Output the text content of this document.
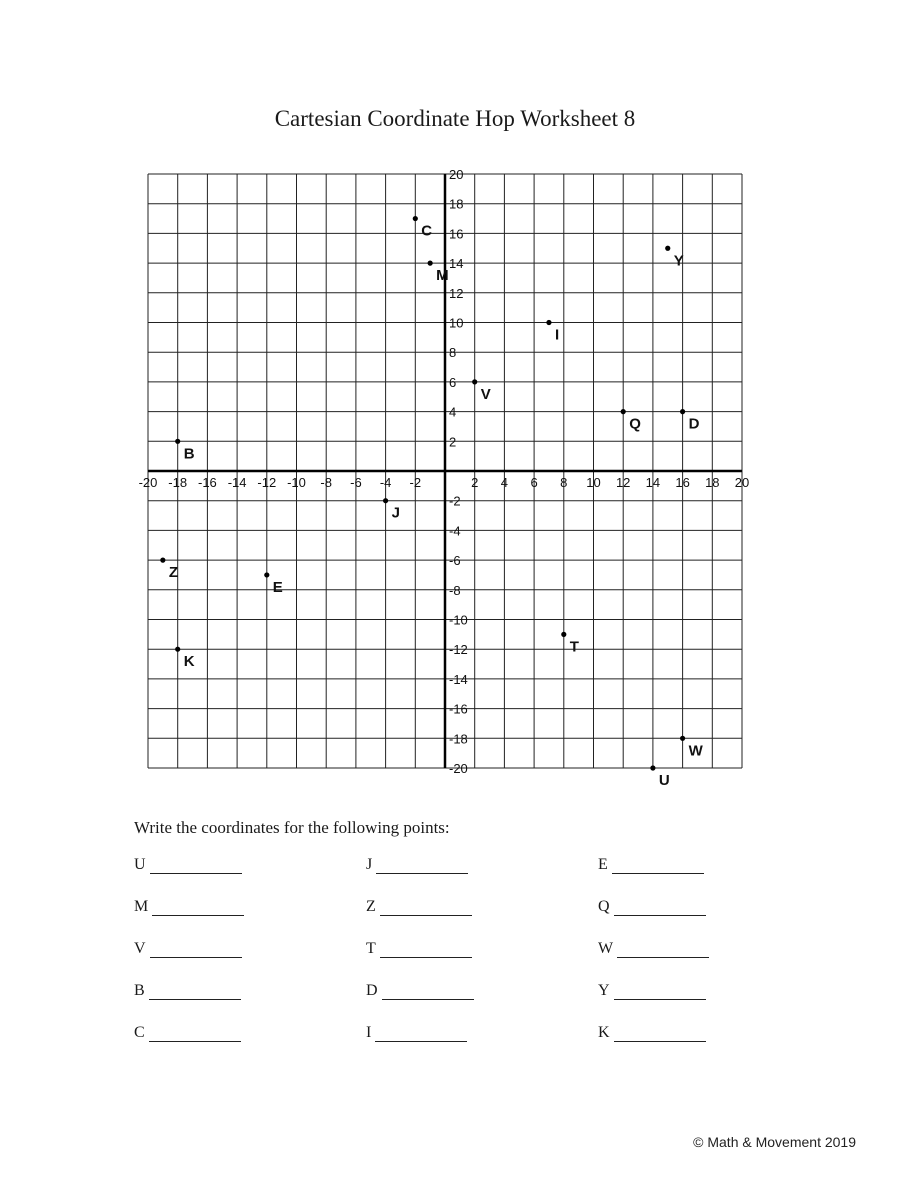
Cartesian Coordinate Hop Worksheet 8
-20 -18 -16 -14 -12 -10 -8 -6 -4 -2	2 4 6 8 10 12 14 16 18 20
20
18
16
14
12
10
8
6
4
2
-2
-4
-6
-8
-10
-12
-14
-16
-18
-20
C
M
Y
I
V
Q	D
B
J
Z
E
T
K
W
U
Write the coordinates for the following points:
U	J	E
M	Z	Q
V	T	W
B	D	Y
C	I	K
© Math & Movement 2019
